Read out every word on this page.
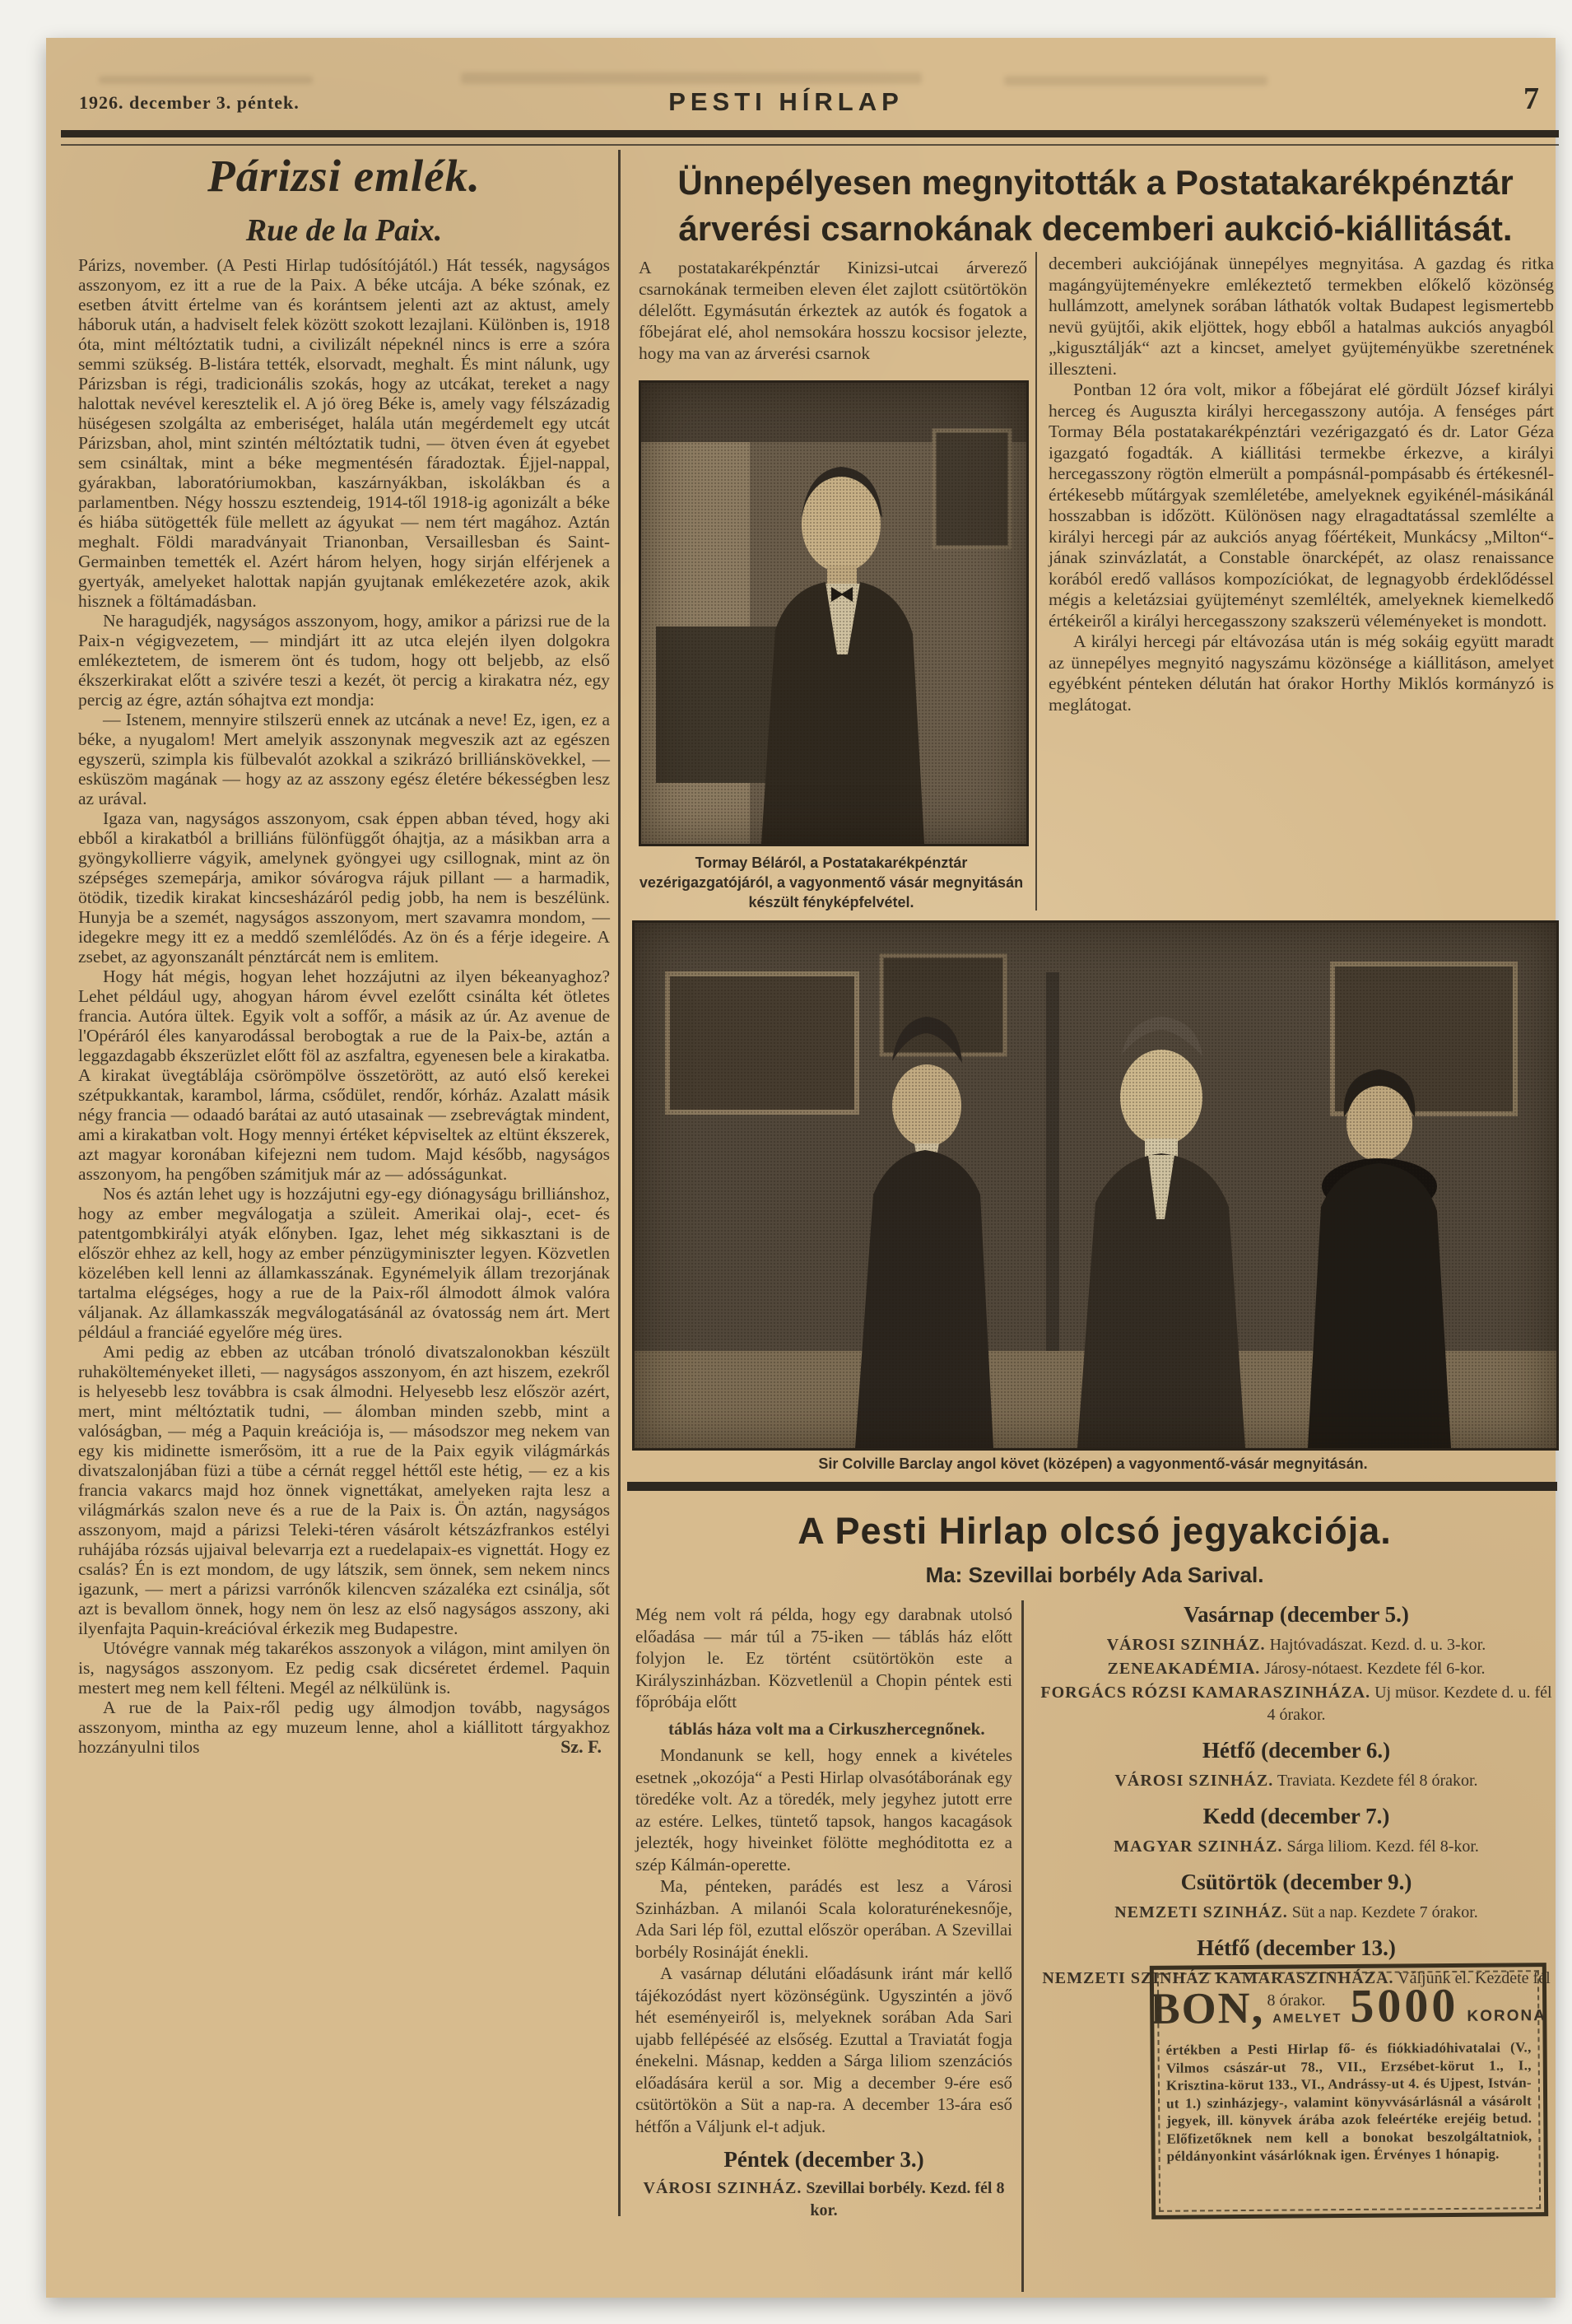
1926. december 3. péntek.	PESTI HÍRLAP	7
Párizsi emlék.
Rue de la Paix.

Párizs, november. (A Pesti Hirlap tudósítójától.) Hát tessék, nagyságos asszonyom, ez itt a rue de la Paix. A béke utcája. A béke szónak, ez esetben átvitt értelme van és korántsem jelenti azt az aktust, amely háboruk után, a hadviselt felek között szokott lezajlani. Különben is, 1918 óta, mint méltóztatik tudni, a civilizált népeknél nincs is erre a szóra semmi szükség. B-listára tették, elsorvadt, meghalt. És mint nálunk, ugy Párizsban is régi, tradicionális szokás, hogy az utcákat, tereket a nagy halottak nevével keresztelik el. A jó öreg Béke is, amely vagy félszázadig hüségesen szolgálta az emberiséget, halála után megérdemelt egy utcát Párizsban, ahol, mint szintén méltóztatik tudni, — ötven éven át egyebet sem csináltak, mint a béke megmentésén fáradoztak. Éjjel-nappal, gyárakban, laboratóriumokban, kaszárnyákban, iskolákban és a parlamentben. Négy hosszu esztendeig, 1914-től 1918-ig agonizált a béke és hiába sütögették füle mellett az ágyukat — nem tért magához. Aztán meghalt. Földi maradványait Trianonban, Versaillesban és Saint-Germainben temették el. Azért három helyen, hogy sirján elférjenek a gyertyák, amelyeket halottak napján gyujtanak emlékezetére azok, akik hisznek a föltámadásban.

Ne haragudjék, nagyságos asszonyom, hogy, amikor a párizsi rue de la Paix-n végigvezetem, — mindjárt itt az utca elején ilyen dolgokra emlékeztetem, de ismerem önt és tudom, hogy ott beljebb, az első ékszerkirakat előtt a szivére teszi a kezét, öt percig a kirakatra néz, egy percig az égre, aztán sóhajtva ezt mondja:

— Istenem, mennyire stilszerü ennek az utcának a neve! Ez, igen, ez a béke, a nyugalom! Mert amelyik asszonynak megveszik azt az egészen egyszerü, szimpla kis fülbevalót azokkal a szikrázó brilliánskövekkel, — esküszöm magának — hogy az az asszony egész életére békességben lesz az urával.

Igaza van, nagyságos asszonyom, csak éppen abban téved, hogy aki ebből a kirakatból a brilliáns fülönfüggőt óhajtja, az a másikban arra a gyöngykollierre vágyik, amelynek gyöngyei ugy csillognak, mint az ön szépséges szemepárja, amikor sóvárogva rájuk pillant — a harmadik, ötödik, tizedik kirakat kincsesházáról pedig jobb, ha nem is beszélünk. Hunyja be a szemét, nagyságos asszonyom, mert szavamra mondom, — idegekre megy itt ez a meddő szemlélődés. Az ön és a férje idegeire. A zsebet, az agyonszanált pénztárcát nem is emlitem.

Hogy hát mégis, hogyan lehet hozzájutni az ilyen békeanyaghoz? Lehet például ugy, ahogyan három évvel ezelőtt csinálta két ötletes francia. Autóra ültek. Egyik volt a soffőr, a másik az úr. Az avenue de l'Opéráról éles kanyarodással berobogtak a rue de la Paix-be, aztán a leggazdagabb ékszerüzlet előtt föl az aszfaltra, egyenesen bele a kirakatba. A kirakat üvegtáblája csörömpölve összetörött, az autó első kerekei szétpukkantak, karambol, lárma, csődület, rendőr, kórház. Azalatt másik négy francia — odaadó barátai az autó utasainak — zsebrevágtak mindent, ami a kirakatban volt. Hogy mennyi értéket képviseltek az eltünt ékszerek, azt magyar koronában kifejezni nem tudom. Majd később, nagyságos asszonyom, ha pengőben számitjuk már az — adósságunkat.

Nos és aztán lehet ugy is hozzájutni egy-egy diónagyságu brilliánshoz, hogy az ember megválogatja a szüleit. Amerikai olaj-, ecet- és patentgombkirályi atyák előnyben. Igaz, lehet még sikkasztani is de először ehhez az kell, hogy az ember pénzügyminiszter legyen. Közvetlen közelében kell lenni az államkasszának. Egynémelyik állam trezorjának tartalma elégséges, hogy a rue de la Paix-ről álmodott álmok valóra váljanak. Az államkasszák megválogatásánál az óvatosság nem árt. Mert például a franciáé egyelőre még üres.

Ami pedig az ebben az utcában trónoló divatszalonokban készült ruhakölteményeket illeti, — nagyságos asszonyom, én azt hiszem, ezekről is helyesebb lesz továbbra is csak álmodni. Helyesebb lesz először azért, mert, mint méltóztatik tudni, — álomban minden szebb, mint a valóságban, — még a Paquin kreációja is, — másodszor meg nekem van egy kis midinette ismerősöm, itt a rue de la Paix egyik világmárkás divatszalonjában füzi a tübe a cérnát reggel héttől este hétig, — ez a kis francia vakarcs majd hoz önnek vignettákat, amelyeken rajta lesz a világmárkás szalon neve és a rue de la Paix is. Ön aztán, nagyságos asszonyom, majd a párizsi Teleki-téren vásárolt kétszázfrankos estélyi ruhájába rózsás ujjaival belevarrja ezt a ruedelapaix-es vignettát. Hogy ez csalás? Én is ezt mondom, de ugy látszik, sem önnek, sem nekem nincs igazunk, — mert a párizsi varrónők kilencven százaléka ezt csinálja, sőt azt is bevallom önnek, hogy nem ön lesz az első nagyságos asszony, aki ilyenfajta Paquin-kreációval érkezik meg Budapestre.

Utóvégre vannak még takarékos asszonyok a világon, mint amilyen ön is, nagyságos asszonyom. Ez pedig csak dicséretet érdemel. Paquin mestert meg nem kell félteni. Megél az nélkülünk is.

A rue de la Paix-ről pedig ugy álmodjon tovább, nagyságos asszonyom, mintha az egy muzeum lenne, ahol a kiállitott tárgyakhoz hozzányulni tilos	Sz. F.
Ünnepélyesen megnyitották a Postatakarékpénztár árverési csarnokának decemberi aukció-kiállitását.
A postatakarékpénztár Kinizsi-utcai árverező csarnokának termeiben eleven élet zajlott csütörtökön délelőtt. Egymásután érkeztek az autók és fogatok a főbejárat elé, ahol nemsokára hosszu kocsisor jelezte, hogy ma van az árverési csarnok
Tormay Béláról, a Postatakarékpénztár vezérigazgatójáról, a vagyonmentő vásár megnyitásán készült fényképfelvétel.

decemberi aukciójának ünnepélyes megnyitása. A gazdag és ritka magángyüjteményekre emlékeztető termekben előkelő közönség hullámzott, amelynek sorában láthatók voltak Budapest legismertebb nevü gyüjtői, akik eljöttek, hogy ebből a hatalmas aukciós anyagból „kigusztálják“ azt a kincset, amelyet gyüjteményükbe szeretnének illeszteni.

Pontban 12 óra volt, mikor a főbejárat elé gördült József királyi herceg és Auguszta királyi hercegasszony autója. A fenséges párt Tormay Béla postatakarékpénztári vezérigazgató és dr. Lator Géza igazgató fogadták. A kiállitási termekbe érkezve, a királyi hercegasszony rögtön elmerült a pompásnál-pompásabb és értékesnél-értékesebb műtárgyak szemléletébe, amelyeknek egyikénél-másikánál hosszabban is időzött. Különösen nagy elragadtatással szemlélte a királyi hercegi pár az aukciós anyag főértékeit, Munkácsy „Milton“-jának szinvázlatát, a Constable önarcképét, az olasz renaissance korából eredő vallásos kompozíciókat, de legnagyobb érdeklődéssel mégis a keletázsiai gyüjteményt szemlélték, amelyeknek kiemelkedő értékeiről a királyi hercegasszony szakszerü véleményeket is mondott.

A királyi hercegi pár eltávozása után is még sokáig együtt maradt az ünnepélyes megnyitó nagyszámu közönsége a kiállitáson, amelyet egyébként pénteken délután hat órakor Horthy Miklós kormányzó is meglátogat.

Sir Colville Barclay angol követ (középen) a vagyonmentő-vásár megnyitásán.
A Pesti Hirlap olcsó jegyakciója.
Ma: Szevillai borbély Ada Sarival.

Még nem volt rá példa, hogy egy darabnak utolsó előadása — már túl a 75-iken — táblás ház előtt folyjon le. Ez történt csütörtökön este a Királyszinházban. Közvetlenül a Chopin péntek esti főpróbája előtt

táblás háza volt ma a Cirkuszhercegnőnek.

Mondanunk se kell, hogy ennek a kivételes esetnek „okozója“ a Pesti Hirlap olvasótáborának egy töredéke volt. Az a töredék, mely jegyhez jutott erre az estére. Lelkes, tüntető tapsok, hangos kacagások jelezték, hogy hiveinket fölötte meghóditotta ez a szép Kálmán-operette.

Ma, pénteken, parádés est lesz a Városi Szinházban. A milanói Scala koloraturénekesnője, Ada Sari lép föl, ezuttal először operában. A Szevillai borbély Rosináját énekli.

A vasárnap délutáni előadásunk iránt már kellő tájékozódást nyert közönségünk. Ugyszintén a jövő hét eseményeiről is, melyeknek sorában Ada Sari ujabb fellépéséé az elsőség. Ezuttal a Traviatát fogja énekelni. Másnap, kedden a Sárga liliom szenzációs előadására kerül a sor. Mig a december 9-ére eső csütörtökön a Süt a nap-ra. A december 13-ára eső hétfőn a Váljunk el-t adjuk.

Péntek (december 3.)
VÁROSI SZINHÁZ. Szevillai borbély. Kezd. fél 8 kor.
Vasárnap (december 5.)
VÁROSI SZINHÁZ. Hajtóvadászat. Kezd. d. u. 3-kor.
ZENEAKADÉMIA. Járosy-nótaest. Kezdete fél 6-kor.
FORGÁCS RÓZSI KAMARASZINHÁZA. Uj müsor. Kezdete d. u. fél 4 órakor.
Hétfő (december 6.)
VÁROSI SZINHÁZ. Traviata. Kezdete fél 8 órakor.
Kedd (december 7.)
MAGYAR SZINHÁZ. Sárga liliom. Kezd. fél 8-kor.
Csütörtök (december 9.)
NEMZETI SZINHÁZ. Süt a nap. Kezdete 7 órakor.
Hétfő (december 13.)
NEMZETI SZINHÁZ KAMARASZINHÁZA. Váljunk el. Kezdete fél 8 órakor.
BON, AMELYET 5000 KORONA
értékben a Pesti Hirlap fő- és fiókkiadóhivatalai (V., Vilmos császár-ut 78., VII., Erzsébet-körut 1., I., Krisztina-körut 133., VI., Andrássy-ut 4. és Ujpest, István-ut 1.) szinházjegy-, valamint könyvvásárlásnál a vásárolt jegyek, ill. könyvek árába azok feleértéke erejéig betud. Előfizetőknek nem kell a bonokat beszolgáltatniok, példányonkint vásárlóknak igen. Érvényes 1 hónapig.
